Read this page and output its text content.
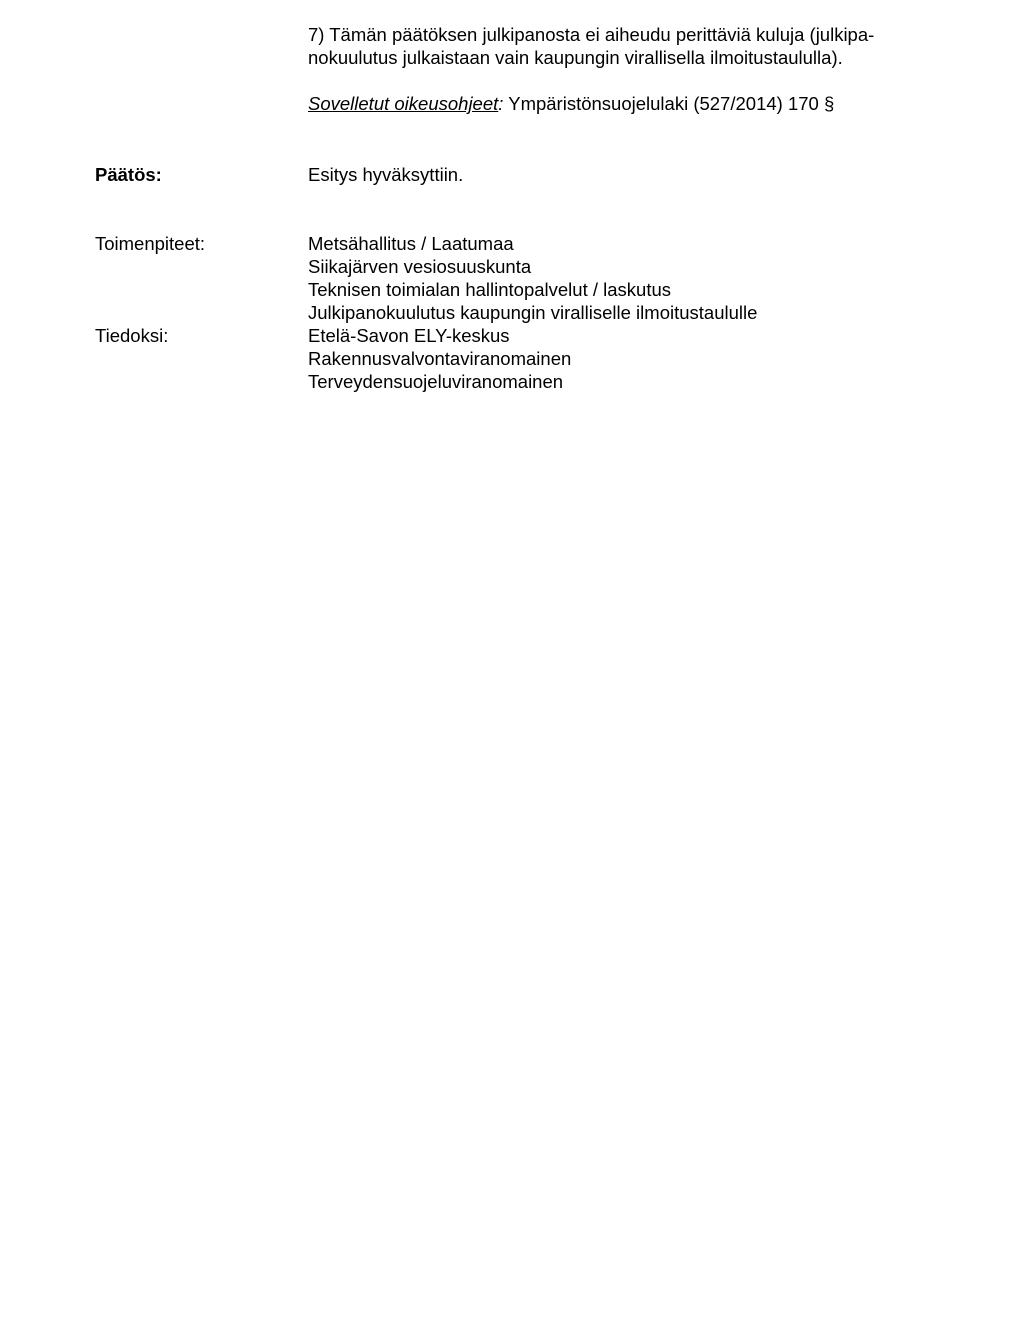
7) Tämän päätöksen julkipanosta ei aiheudu perittäviä kuluja (julkipa-
nokuulutus julkaistaan vain kaupungin virallisella ilmoitustaululla).
Sovelletut oikeusohjeet: Ympäristönsuojelulaki (527/2014) 170 §
Päätös:	Esitys hyväksyttiin.
Toimenpiteet:	Metsähallitus / Laatumaa
Siikajärven vesiosuuskunta
Teknisen toimialan hallintopalvelut / laskutus
Julkipanokuulutus kaupungin viralliselle ilmoitustaululle
Tiedoksi:	Etelä-Savon ELY-keskus
Rakennusvalvontaviranomainen
Terveydensuojeluviranomainen
